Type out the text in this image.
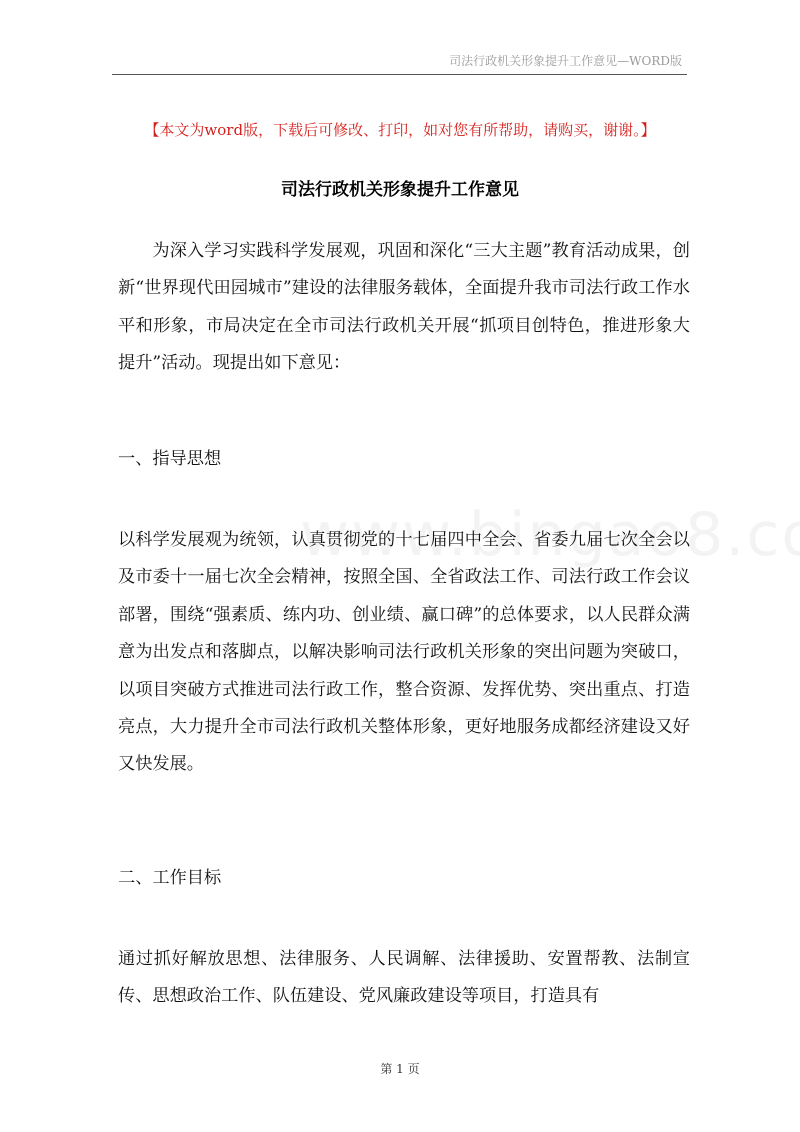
司法行政机关形象提升工作意见—WORD版
【本文为word版，下载后可修改、打印，如对您有所帮助，请购买，谢谢。】
司法行政机关形象提升工作意见

为深入学习实践科学发展观，巩固和深化“三大主题”教育活动成果，创新“世界现代田园城市”建设的法律服务载体，全面提升我市司法行政工作水平和形象，市局决定在全市司法行政机关开展“抓项目创特色，推进形象大提升”活动。现提出如下意见：

一、指导思想

以科学发展观为统领，认真贯彻党的十七届四中全会、省委九届七次全会以及市委十一届七次全会精神，按照全国、全省政法工作、司法行政工作会议部署，围绕“强素质、练内功、创业绩、赢口碑”的总体要求，以人民群众满意为出发点和落脚点，以解决影响司法行政机关形象的突出问题为突破口，以项目突破方式推进司法行政工作，整合资源、发挥优势、突出重点、打造亮点，大力提升全市司法行政机关整体形象，更好地服务成都经济建设又好又快发展。

二、工作目标

通过抓好解放思想、法律服务、人民调解、法律援助、安置帮教、法制宣传、思想政治工作、队伍建设、党风廉政建设等项目，打造具有

第 1 页
